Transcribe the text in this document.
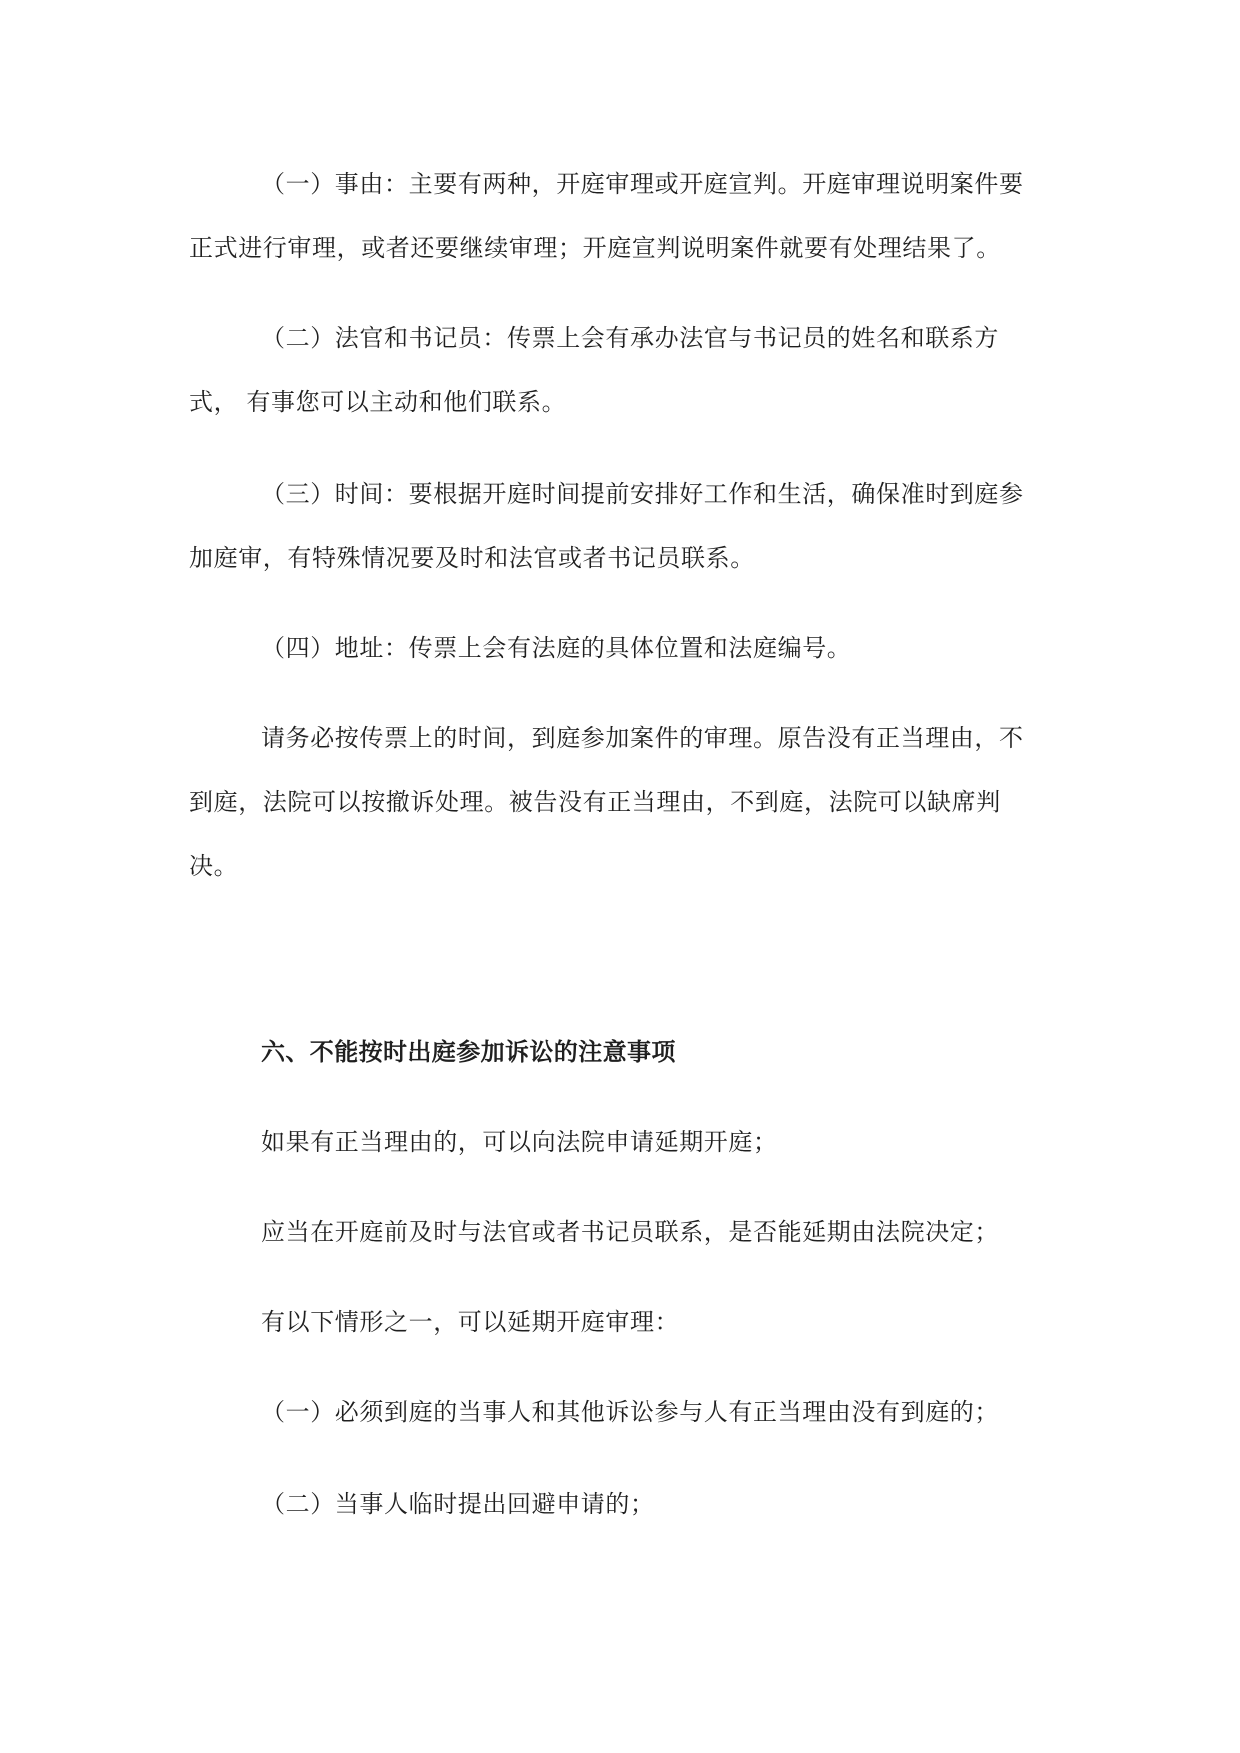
（一）事由：主要有两种，开庭审理或开庭宣判。开庭审理说明案件要
正式进行审理，或者还要继续审理；开庭宣判说明案件就要有处理结果了。
（二）法官和书记员：传票上会有承办法官与书记员的姓名和联系方
式， 有事您可以主动和他们联系。
（三）时间：要根据开庭时间提前安排好工作和生活，确保准时到庭参
加庭审，有特殊情况要及时和法官或者书记员联系。
（四）地址：传票上会有法庭的具体位置和法庭编号。
请务必按传票上的时间，到庭参加案件的审理。原告没有正当理由，不
到庭，法院可以按撤诉处理。被告没有正当理由，不到庭，法院可以缺席判
决。
六、不能按时出庭参加诉讼的注意事项
如果有正当理由的，可以向法院申请延期开庭；
应当在开庭前及时与法官或者书记员联系，是否能延期由法院决定；
有以下情形之一，可以延期开庭审理：
（一）必须到庭的当事人和其他诉讼参与人有正当理由没有到庭的；
（二）当事人临时提出回避申请的；
